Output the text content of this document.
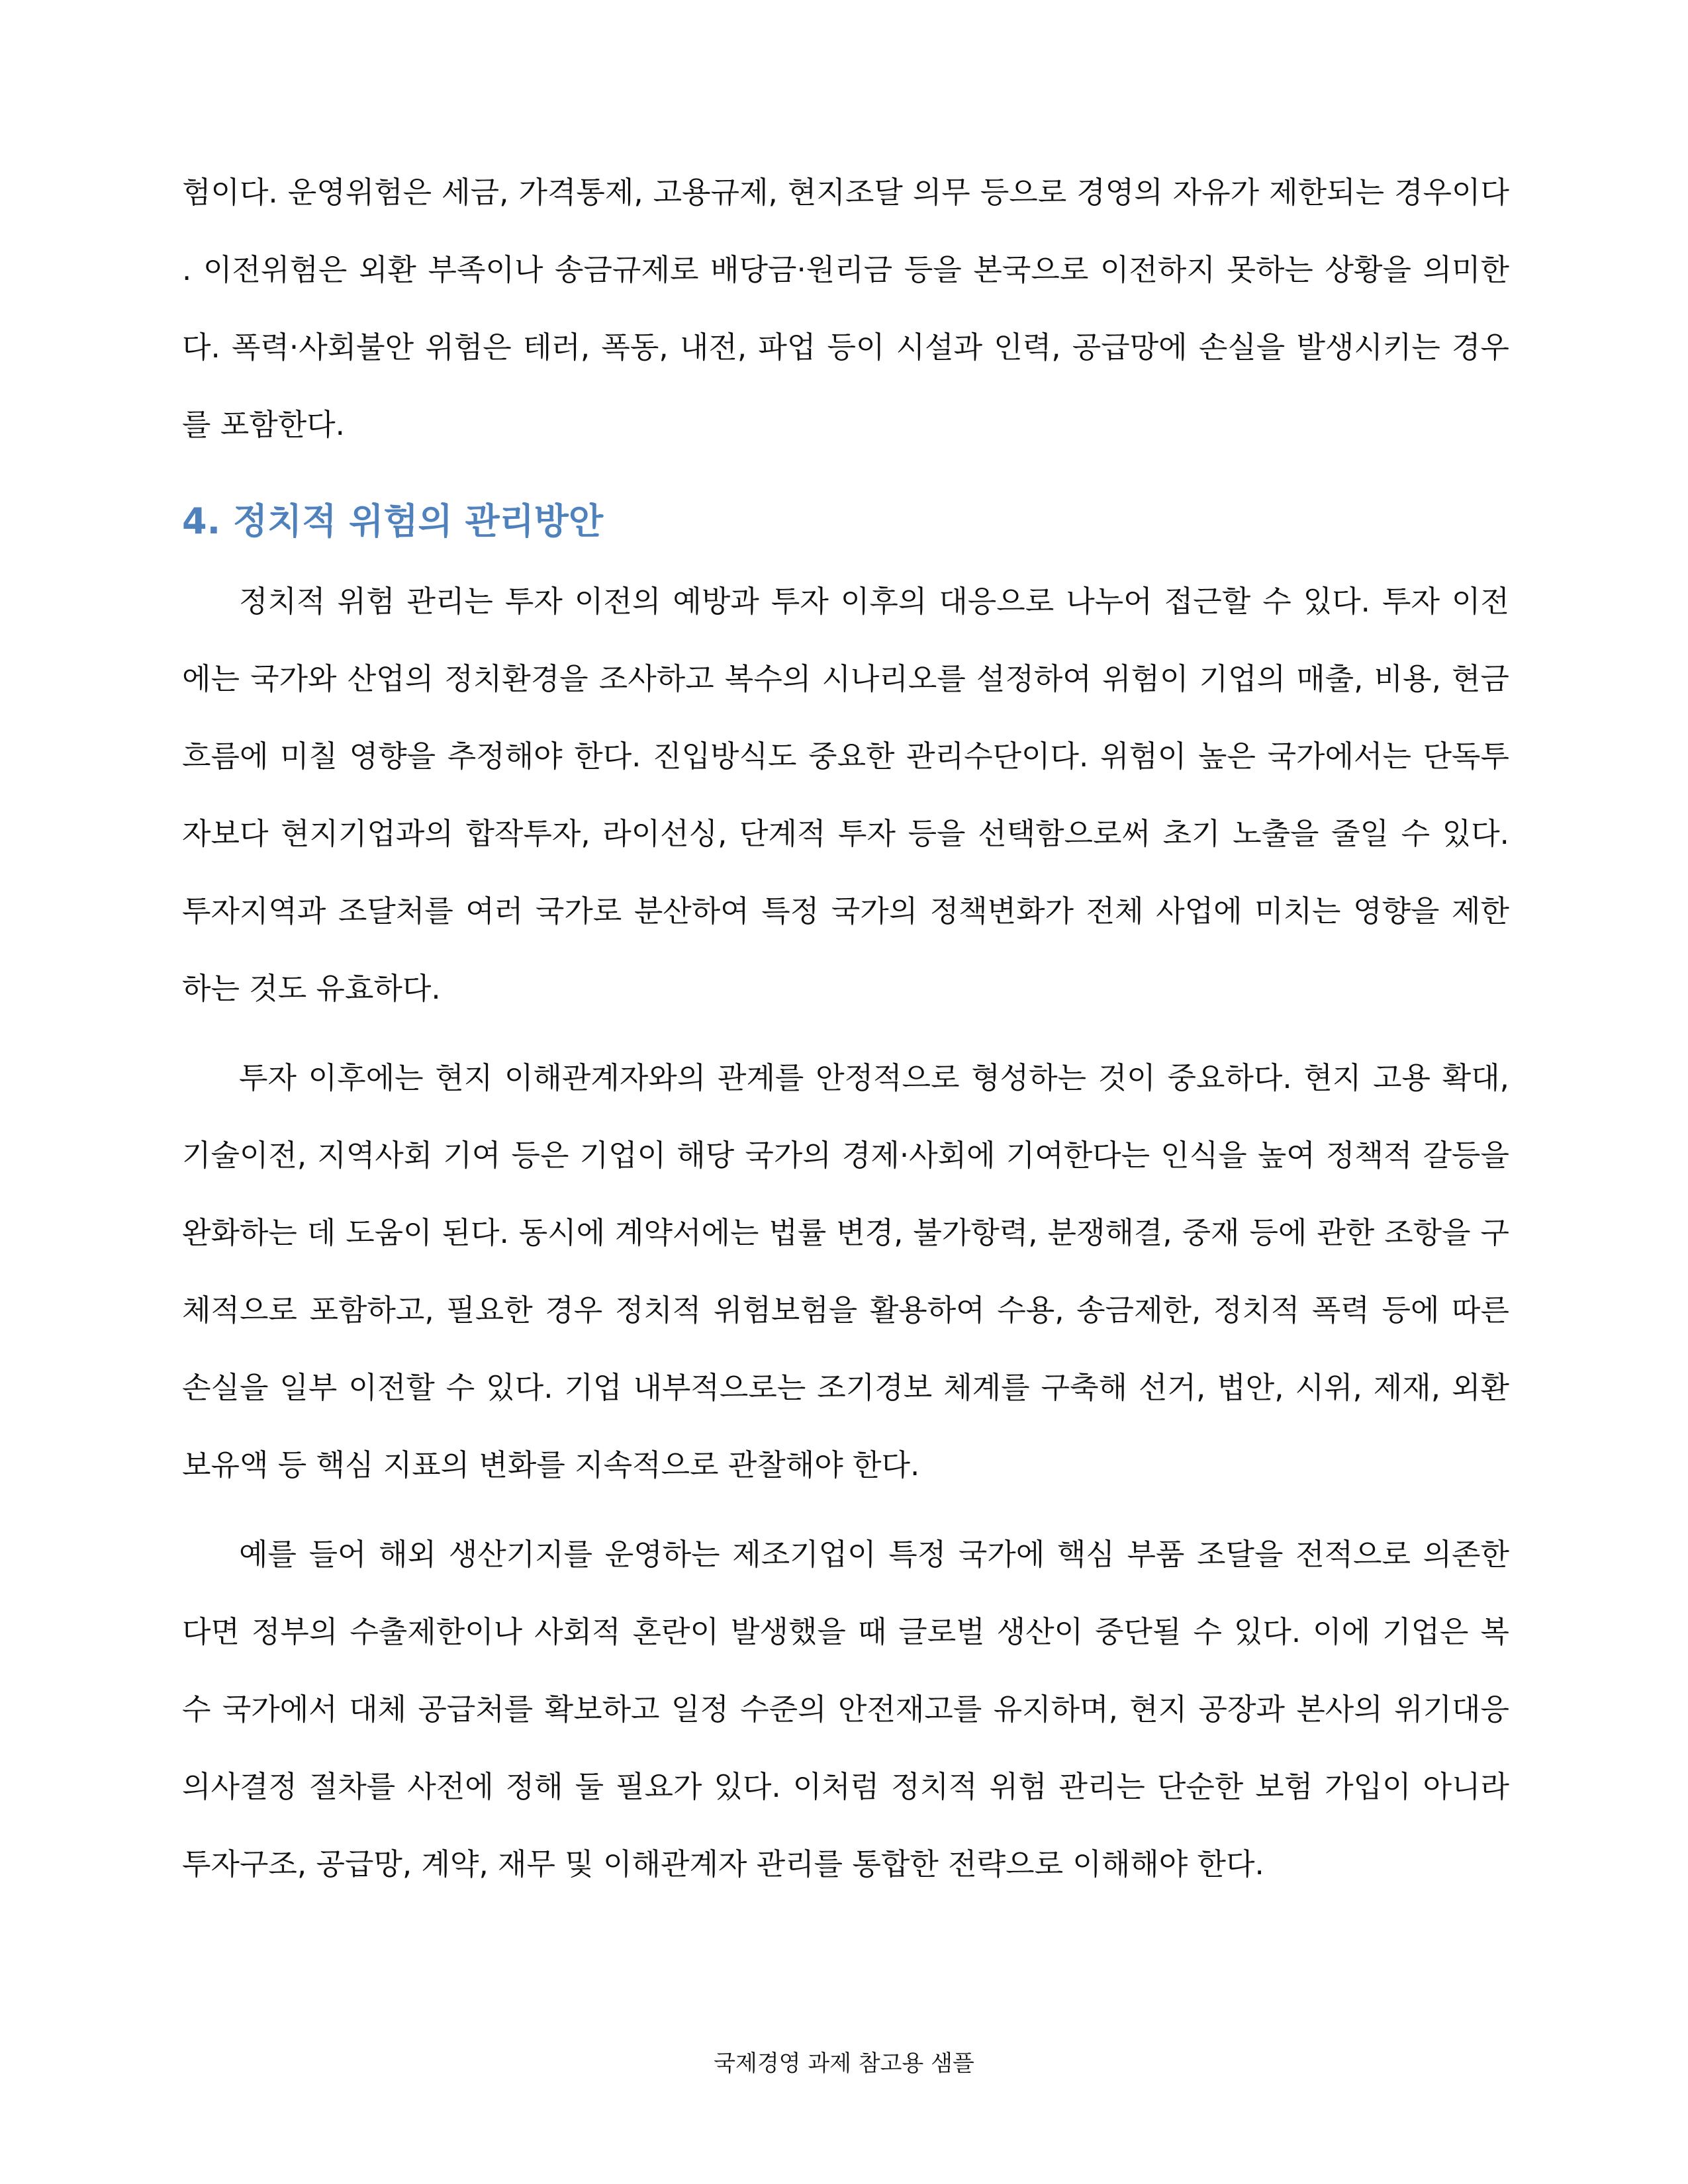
험이다. 운영위험은 세금, 가격통제, 고용규제, 현지조달 의무 등으로 경영의 자유가 제한되는 경우이다
. 이전위험은 외환 부족이나 송금규제로 배당금·원리금 등을 본국으로 이전하지 못하는 상황을 의미한
다. 폭력·사회불안 위험은 테러, 폭동, 내전, 파업 등이 시설과 인력, 공급망에 손실을 발생시키는 경우
를 포함한다.
4. 정치적 위험의 관리방안
정치적 위험 관리는 투자 이전의 예방과 투자 이후의 대응으로 나누어 접근할 수 있다. 투자 이전
에는 국가와 산업의 정치환경을 조사하고 복수의 시나리오를 설정하여 위험이 기업의 매출, 비용, 현금
흐름에 미칠 영향을 추정해야 한다. 진입방식도 중요한 관리수단이다. 위험이 높은 국가에서는 단독투
자보다 현지기업과의 합작투자, 라이선싱, 단계적 투자 등을 선택함으로써 초기 노출을 줄일 수 있다.
투자지역과 조달처를 여러 국가로 분산하여 특정 국가의 정책변화가 전체 사업에 미치는 영향을 제한
하는 것도 유효하다.
투자 이후에는 현지 이해관계자와의 관계를 안정적으로 형성하는 것이 중요하다. 현지 고용 확대,
기술이전, 지역사회 기여 등은 기업이 해당 국가의 경제·사회에 기여한다는 인식을 높여 정책적 갈등을
완화하는 데 도움이 된다. 동시에 계약서에는 법률 변경, 불가항력, 분쟁해결, 중재 등에 관한 조항을 구
체적으로 포함하고, 필요한 경우 정치적 위험보험을 활용하여 수용, 송금제한, 정치적 폭력 등에 따른
손실을 일부 이전할 수 있다. 기업 내부적으로는 조기경보 체계를 구축해 선거, 법안, 시위, 제재, 외환
보유액 등 핵심 지표의 변화를 지속적으로 관찰해야 한다.
예를 들어 해외 생산기지를 운영하는 제조기업이 특정 국가에 핵심 부품 조달을 전적으로 의존한
다면 정부의 수출제한이나 사회적 혼란이 발생했을 때 글로벌 생산이 중단될 수 있다. 이에 기업은 복
수 국가에서 대체 공급처를 확보하고 일정 수준의 안전재고를 유지하며, 현지 공장과 본사의 위기대응
의사결정 절차를 사전에 정해 둘 필요가 있다. 이처럼 정치적 위험 관리는 단순한 보험 가입이 아니라
투자구조, 공급망, 계약, 재무 및 이해관계자 관리를 통합한 전략으로 이해해야 한다.
국제경영 과제 참고용 샘플
